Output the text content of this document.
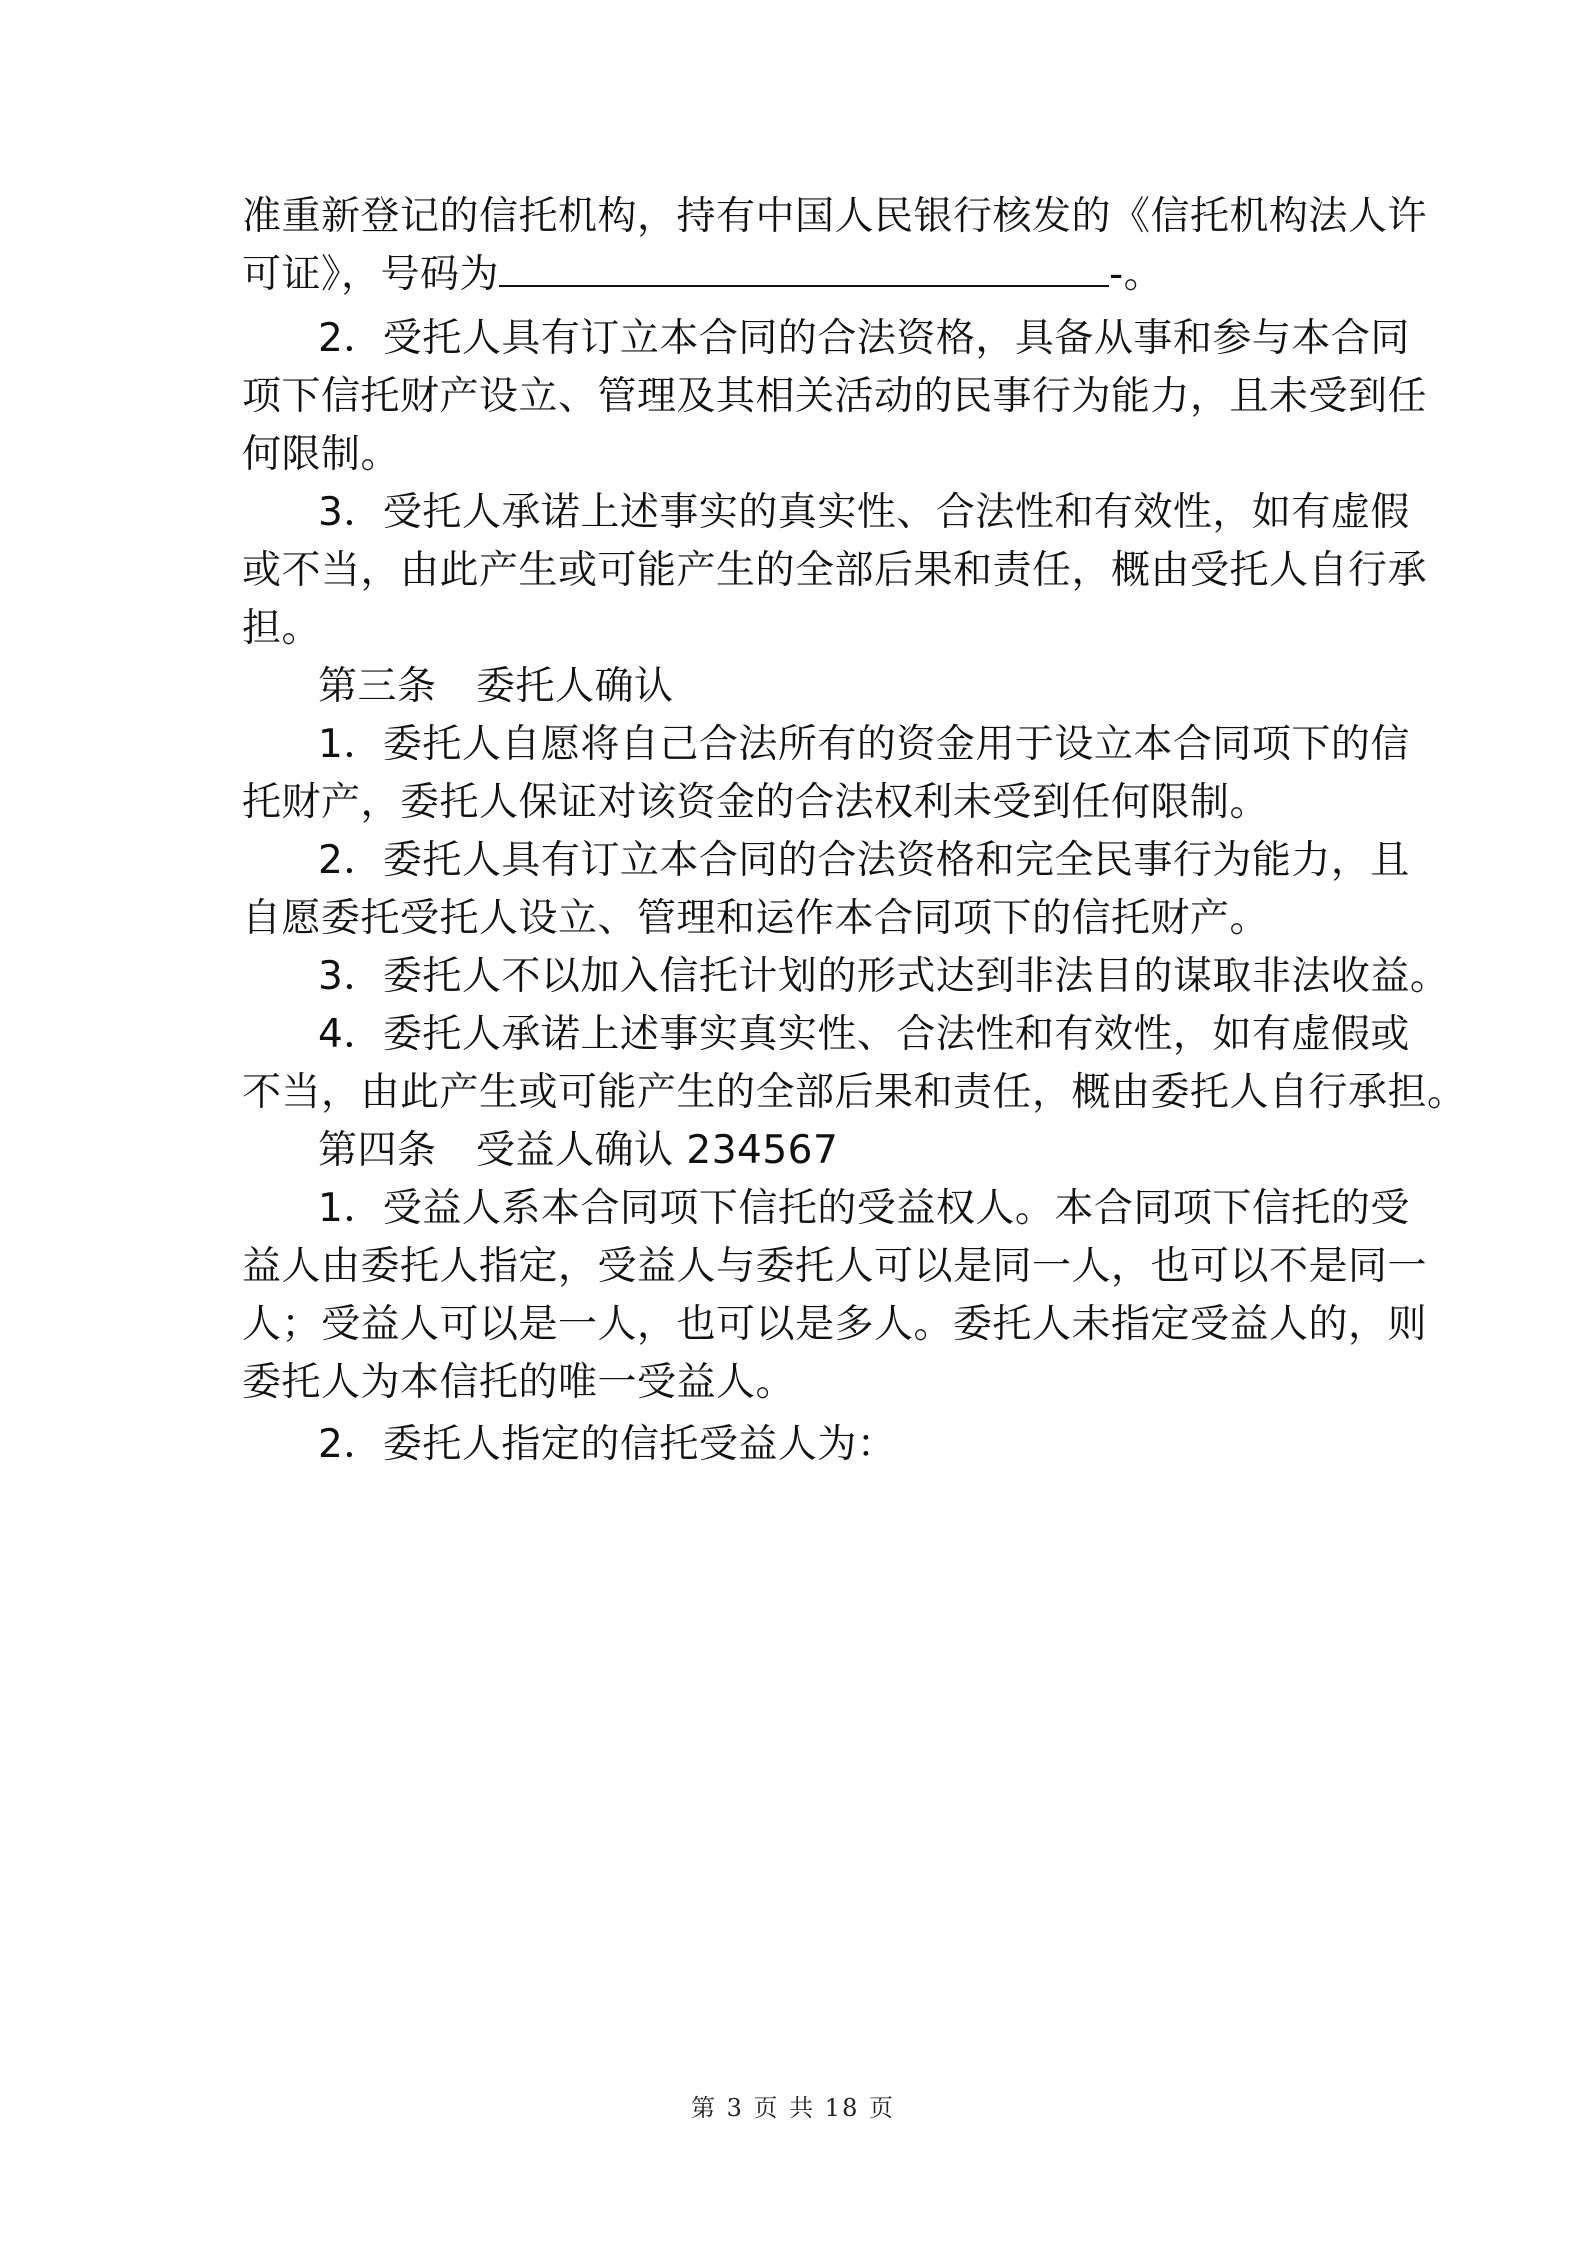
准重新登记的信托机构，持有中国人民银行核发的《信托机构法人许
可证》，号码为	-。
2．受托人具有订立本合同的合法资格，具备从事和参与本合同
项下信托财产设立、管理及其相关活动的民事行为能力，且未受到任
何限制。
3．受托人承诺上述事实的真实性、合法性和有效性，如有虚假
或不当，由此产生或可能产生的全部后果和责任，概由受托人自行承
担。
第三条　委托人确认
1．委托人自愿将自己合法所有的资金用于设立本合同项下的信
托财产，委托人保证对该资金的合法权利未受到任何限制。
2．委托人具有订立本合同的合法资格和完全民事行为能力，且
自愿委托受托人设立、管理和运作本合同项下的信托财产。
3．委托人不以加入信托计划的形式达到非法目的谋取非法收益。
4．委托人承诺上述事实真实性、合法性和有效性，如有虚假或
不当，由此产生或可能产生的全部后果和责任，概由委托人自行承担。
第四条　受益人确认 234567
1．受益人系本合同项下信托的受益权人。本合同项下信托的受
益人由委托人指定，受益人与委托人可以是同一人，也可以不是同一
人；受益人可以是一人，也可以是多人。委托人未指定受益人的，则
委托人为本信托的唯一受益人。
2．委托人指定的信托受益人为：
第 3 页 共 18 页
